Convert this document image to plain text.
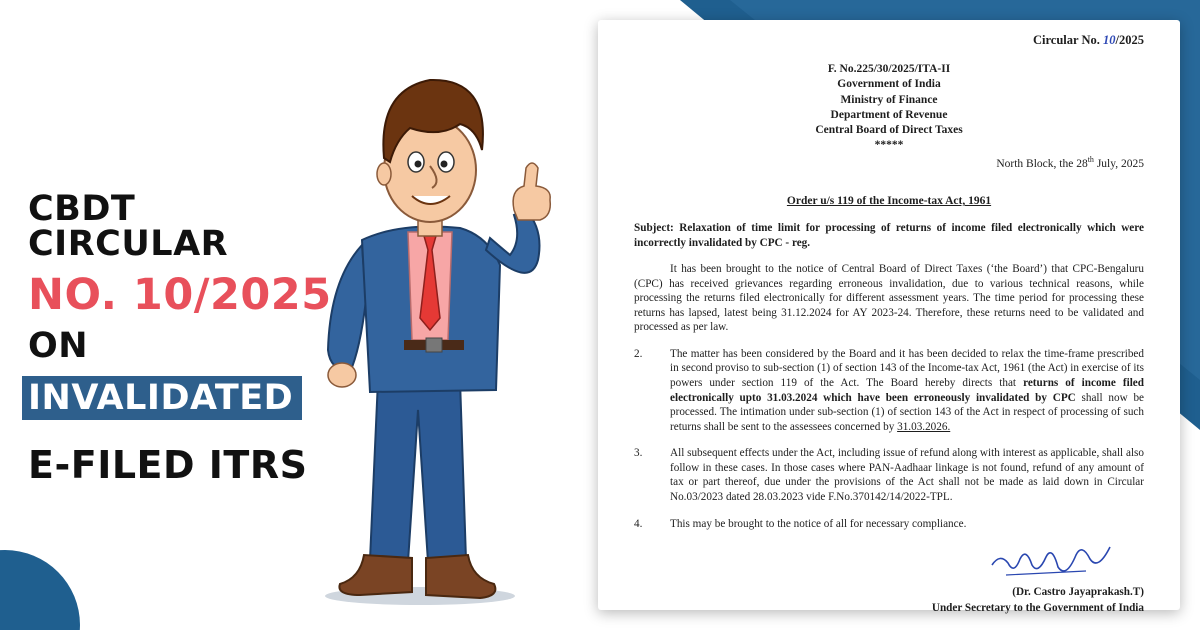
CBDT CIRCULAR
NO. 10/2025
ON
INVALIDATED
E-FILED ITRS
Circular No. 10/2025
F. No.225/30/2025/ITA-II
Government of India
Ministry of Finance
Department of Revenue
Central Board of Direct Taxes
*****
North Block, the 28th July, 2025
Order u/s 119 of the Income-tax Act, 1961
Subject: Relaxation of time limit for processing of returns of income filed electronically which were incorrectly invalidated by CPC - reg.
It has been brought to the notice of Central Board of Direct Taxes (‘the Board’) that CPC-Bengaluru (CPC) has received grievances regarding erroneous invalidation, due to various technical reasons, while processing the returns filed electronically for different assessment years. The time period for processing these returns has lapsed, latest being 31.12.2024 for AY 2023-24. Therefore, these returns need to be validated and processed as per law.
2.	The matter has been considered by the Board and it has been decided to relax the time-frame prescribed in second proviso to sub-section (1) of section 143 of the Income-tax Act, 1961 (the Act) in exercise of its powers under section 119 of the Act. The Board hereby directs that returns of income filed electronically upto 31.03.2024 which have been erroneously invalidated by CPC shall now be processed. The intimation under sub-section (1) of section 143 of the Act in respect of processing of such returns shall be sent to the assessees concerned by 31.03.2026.
3.	All subsequent effects under the Act, including issue of refund along with interest as applicable, shall also follow in these cases. In those cases where PAN-Aadhaar linkage is not found, refund of any amount of tax or part thereof, due under the provisions of the Act shall not be made as laid down in Circular No.03/2023 dated 28.03.2023 vide F.No.370142/14/2022-TPL.
4.	This may be brought to the notice of all for necessary compliance.
(Dr. Castro Jayaprakash.T)
Under Secretary to the Government of India
